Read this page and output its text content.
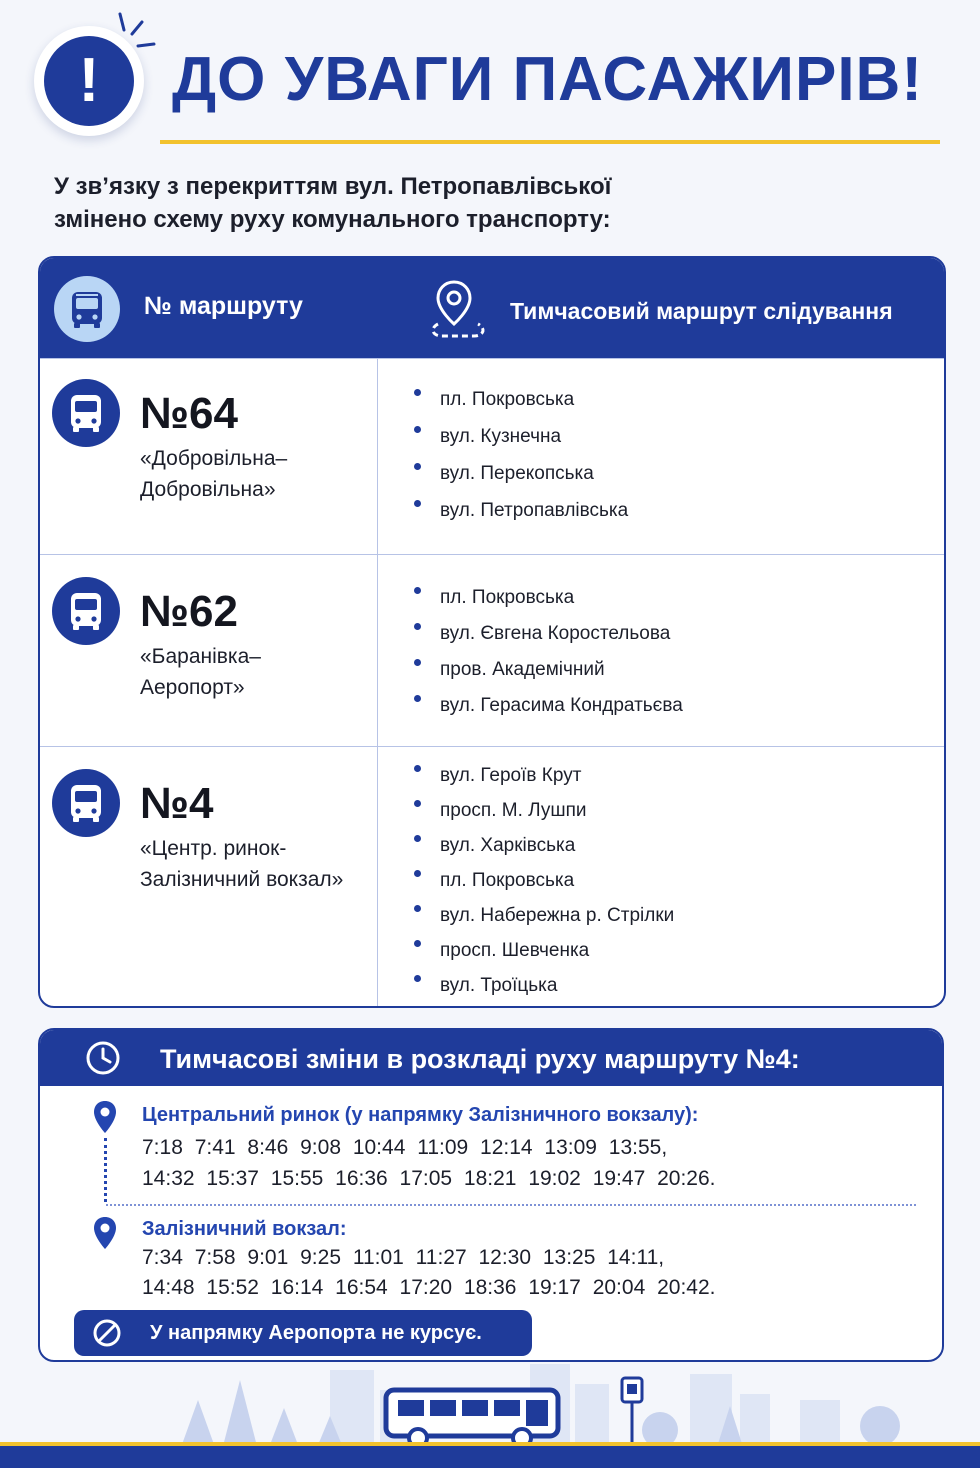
!	ДО УВАГИ ПАСАЖИРІВ!
У зв’язку з перекриттям вул. Петропавлівської
змінено схему руху комунального транспорту:
№ маршруту	Тимчасовий маршрут слідування
№64
«Добровільна–
Добровільна»
пл. Покровська
вул. Кузнечна
вул. Перекопська
вул. Петропавлівська
№62
«Баранівка–
Аеропорт»
пл. Покровська
вул. Євгена Коростельова
пров. Академічний
вул. Герасима Кондратьєва
№4
«Центр. ринок-
Залізничний вокзал»
вул. Героїв Крут
просп. М. Лушпи
вул. Харківська
пл. Покровська
вул. Набережна р. Стрілки
просп. Шевченка
вул. Троїцька
Тимчасові зміни в розкладі руху маршруту №4:
Центральний ринок (у напрямку Залізничного вокзалу):
7:18 7:41 8:46 9:08 10:44 11:09 12:14 13:09 13:55,
14:32 15:37 15:55 16:36 17:05 18:21 19:02 19:47 20:26.
Залізничний вокзал:
7:34 7:58 9:01 9:25 11:01 11:27 12:30 13:25 14:11,
14:48 15:52 16:14 16:54 17:20 18:36 19:17 20:04 20:42.
У напрямку Аеропорта не курсує.
